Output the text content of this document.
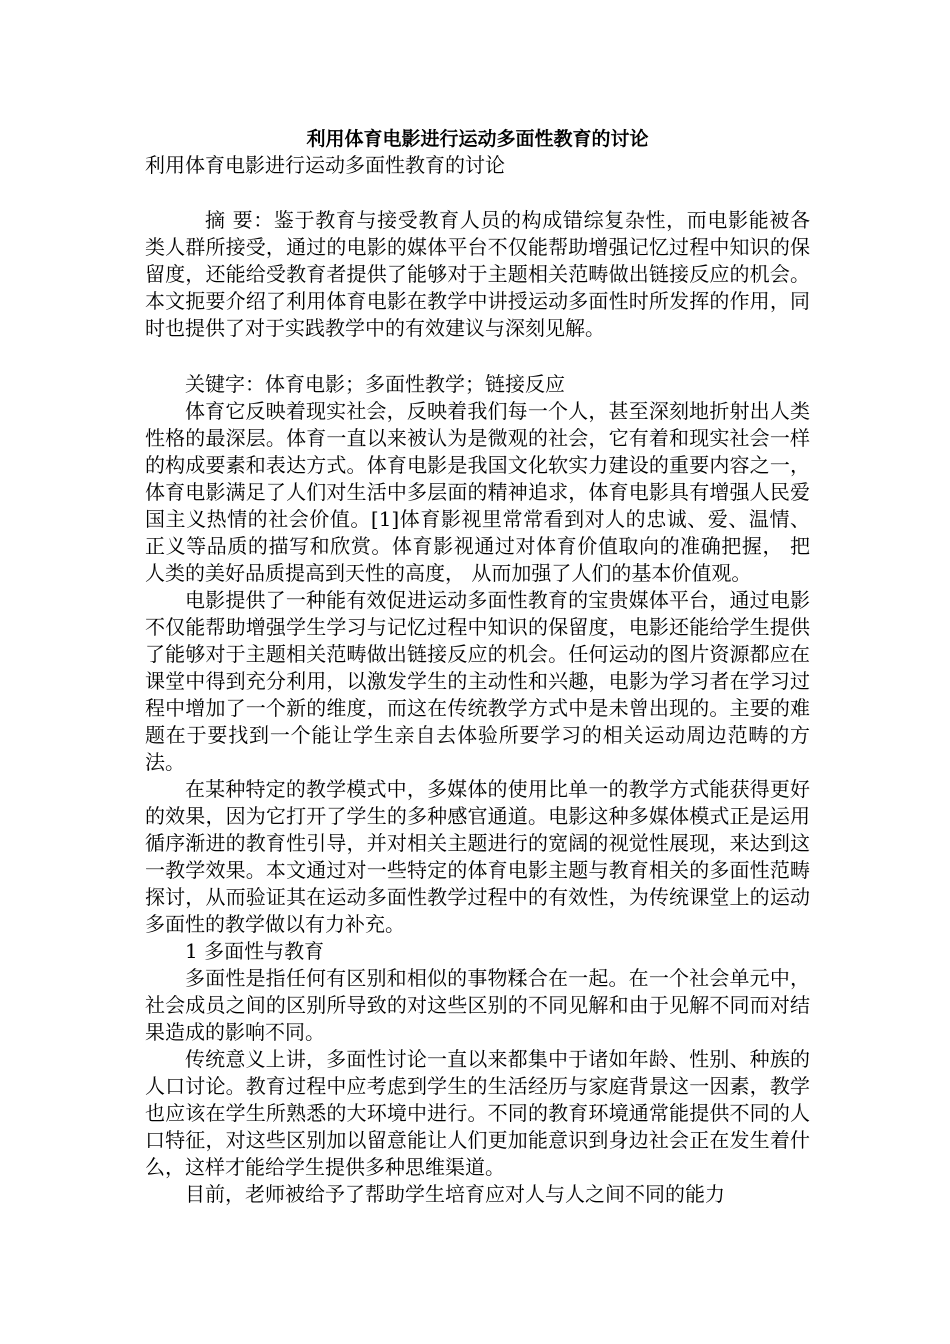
利用体育电影进行运动多面性教育的讨论

利用体育电影进行运动多面性教育的讨论

摘 要：鉴于教育与接受教育人员的构成错综复杂性，而电影能被各类人群所接受，通过的电影的媒体平台不仅能帮助增强记忆过程中知识的保留度，还能给受教育者提供了能够对于主题相关范畴做出链接反应的机会。本文扼要介绍了利用体育电影在教学中讲授运动多面性时所发挥的作用，同时也提供了对于实践教学中的有效建议与深刻见解。

关键字：体育电影；多面性教学；链接反应

体育它反映着现实社会，反映着我们每一个人，甚至深刻地折射出人类性格的最深层。体育一直以来被认为是微观的社会，它有着和现实社会一样的构成要素和表达方式。体育电影是我国文化软实力建设的重要内容之一，体育电影满足了人们对生活中多层面的精神追求，体育电影具有增强人民爱国主义热情的社会价值。[1]体育影视里常常看到对人的忠诚、爱、温情、正义等品质的描写和欣赏。体育影视通过对体育价值取向的准确把握， 把人类的美好品质提高到天性的高度， 从而加强了人们的基本价值观。

电影提供了一种能有效促进运动多面性教育的宝贵媒体平台，通过电影不仅能帮助增强学生学习与记忆过程中知识的保留度，电影还能给学生提供了能够对于主题相关范畴做出链接反应的机会。任何运动的图片资源都应在课堂中得到充分利用，以激发学生的主动性和兴趣，电影为学习者在学习过程中增加了一个新的维度，而这在传统教学方式中是未曾出现的。主要的难题在于要找到一个能让学生亲自去体验所要学习的相关运动周边范畴的方法。

在某种特定的教学模式中，多媒体的使用比单一的教学方式能获得更好的效果，因为它打开了学生的多种感官通道。电影这种多媒体模式正是运用循序渐进的教育性引导，并对相关主题进行的宽阔的视觉性展现，来达到这一教学效果。本文通过对一些特定的体育电影主题与教育相关的多面性范畴探讨，从而验证其在运动多面性教学过程中的有效性，为传统课堂上的运动多面性的教学做以有力补充。

1 多面性与教育

多面性是指任何有区别和相似的事物糅合在一起。在一个社会单元中，社会成员之间的区别所导致的对这些区别的不同见解和由于见解不同而对结果造成的影响不同。

传统意义上讲，多面性讨论一直以来都集中于诸如年龄、性别、种族的人口讨论。教育过程中应考虑到学生的生活经历与家庭背景这一因素，教学也应该在学生所熟悉的大环境中进行。不同的教育环境通常能提供不同的人口特征，对这些区别加以留意能让人们更加能意识到身边社会正在发生着什么，这样才能给学生提供多种思维渠道。

目前，老师被给予了帮助学生培育应对人与人之间不同的能力
